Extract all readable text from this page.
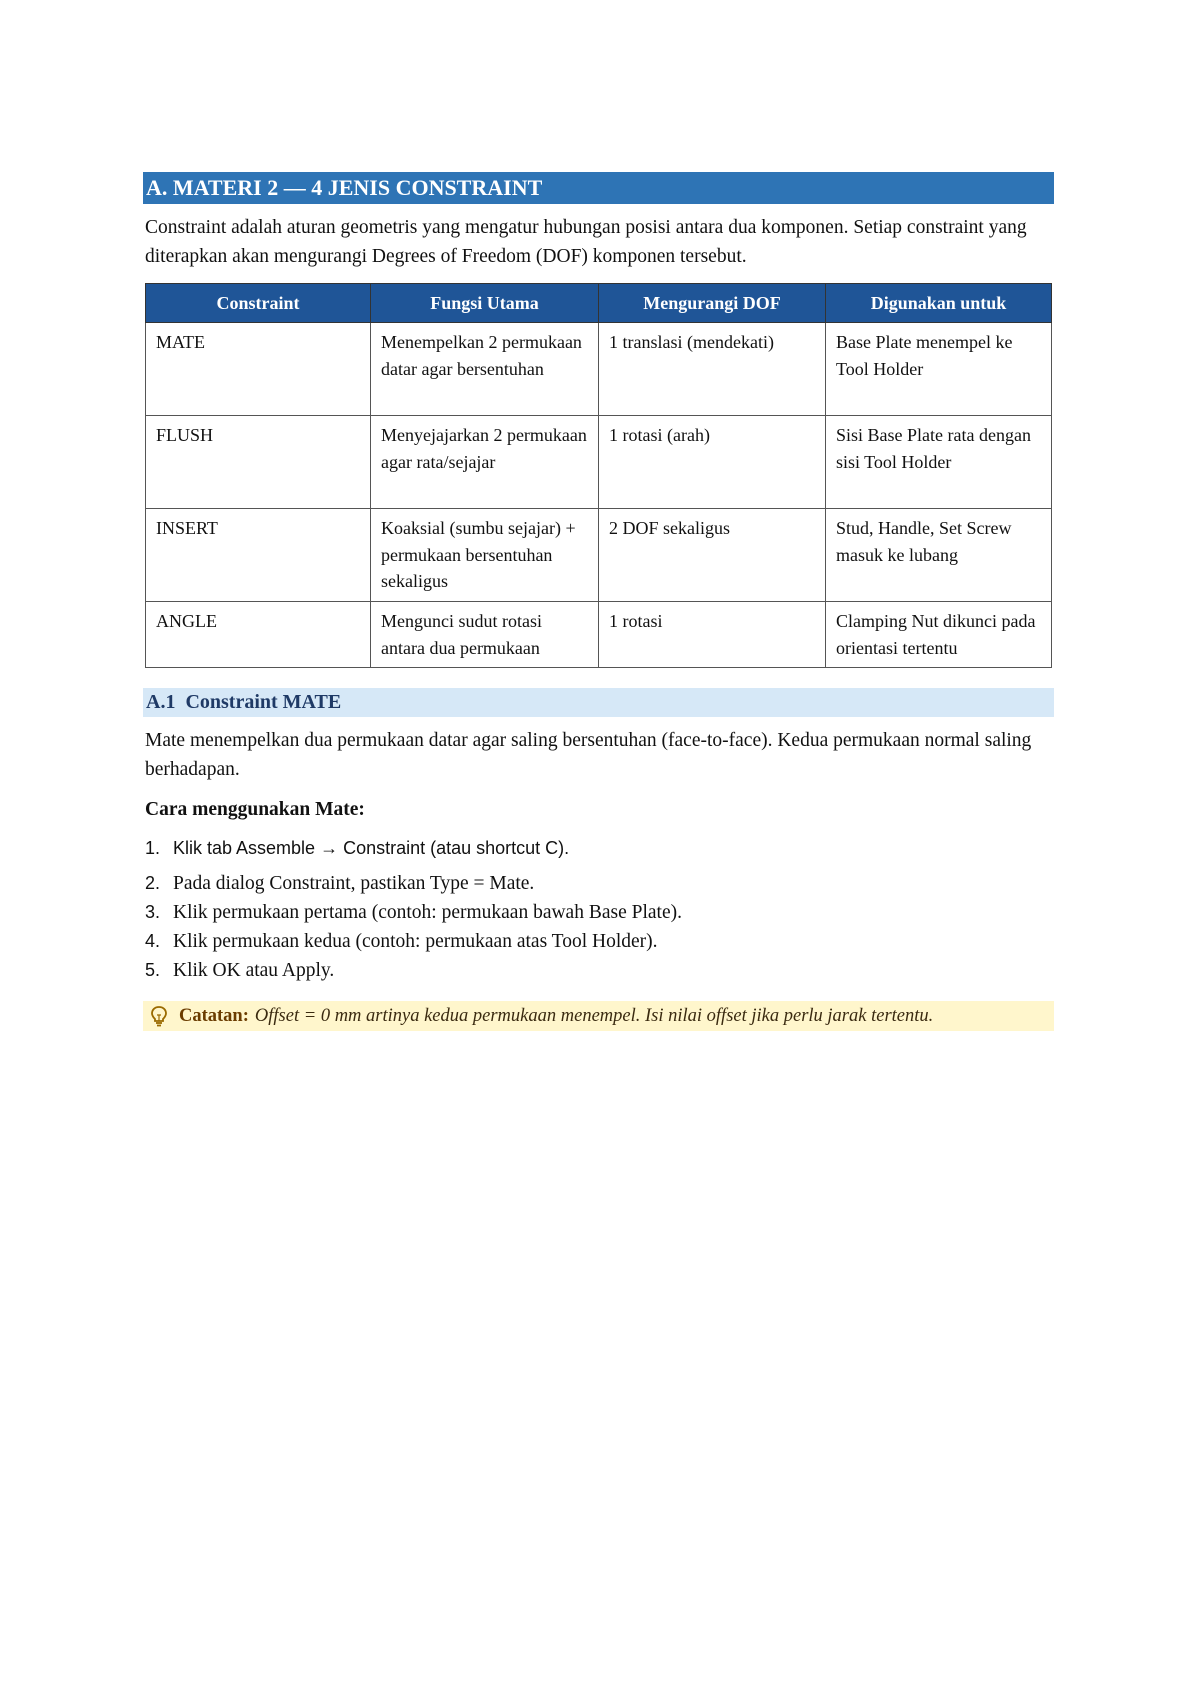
A. MATERI 2 — 4 JENIS CONSTRAINT

Constraint adalah aturan geometris yang mengatur hubungan posisi antara dua komponen. Setiap constraint yang diterapkan akan mengurangi Degrees of Freedom (DOF) komponen tersebut.

Constraint	Fungsi Utama	Mengurangi DOF	Digunakan untuk
MATE	Menempelkan 2 permukaan datar agar bersentuhan	1 translasi (mendekati)	Base Plate menempel ke Tool Holder
FLUSH	Menyejajarkan 2 permukaan agar rata/sejajar	1 rotasi (arah)	Sisi Base Plate rata dengan sisi Tool Holder
INSERT	Koaksial (sumbu sejajar) + permukaan bersentuhan sekaligus	2 DOF sekaligus	Stud, Handle, Set Screw masuk ke lubang
ANGLE	Mengunci sudut rotasi antara dua permukaan	1 rotasi	Clamping Nut dikunci pada orientasi tertentu
A.1 Constraint MATE

Mate menempelkan dua permukaan datar agar saling bersentuhan (face-to-face). Kedua permukaan normal saling berhadapan.

Cara menggunakan Mate:
1. Klik tab Assemble → Constraint (atau shortcut C).
2. Pada dialog Constraint, pastikan Type = Mate.
3. Klik permukaan pertama (contoh: permukaan bawah Base Plate).
4. Klik permukaan kedua (contoh: permukaan atas Tool Holder).
5. Klik OK atau Apply.
Catatan: Offset = 0 mm artinya kedua permukaan menempel. Isi nilai offset jika perlu jarak tertentu.
